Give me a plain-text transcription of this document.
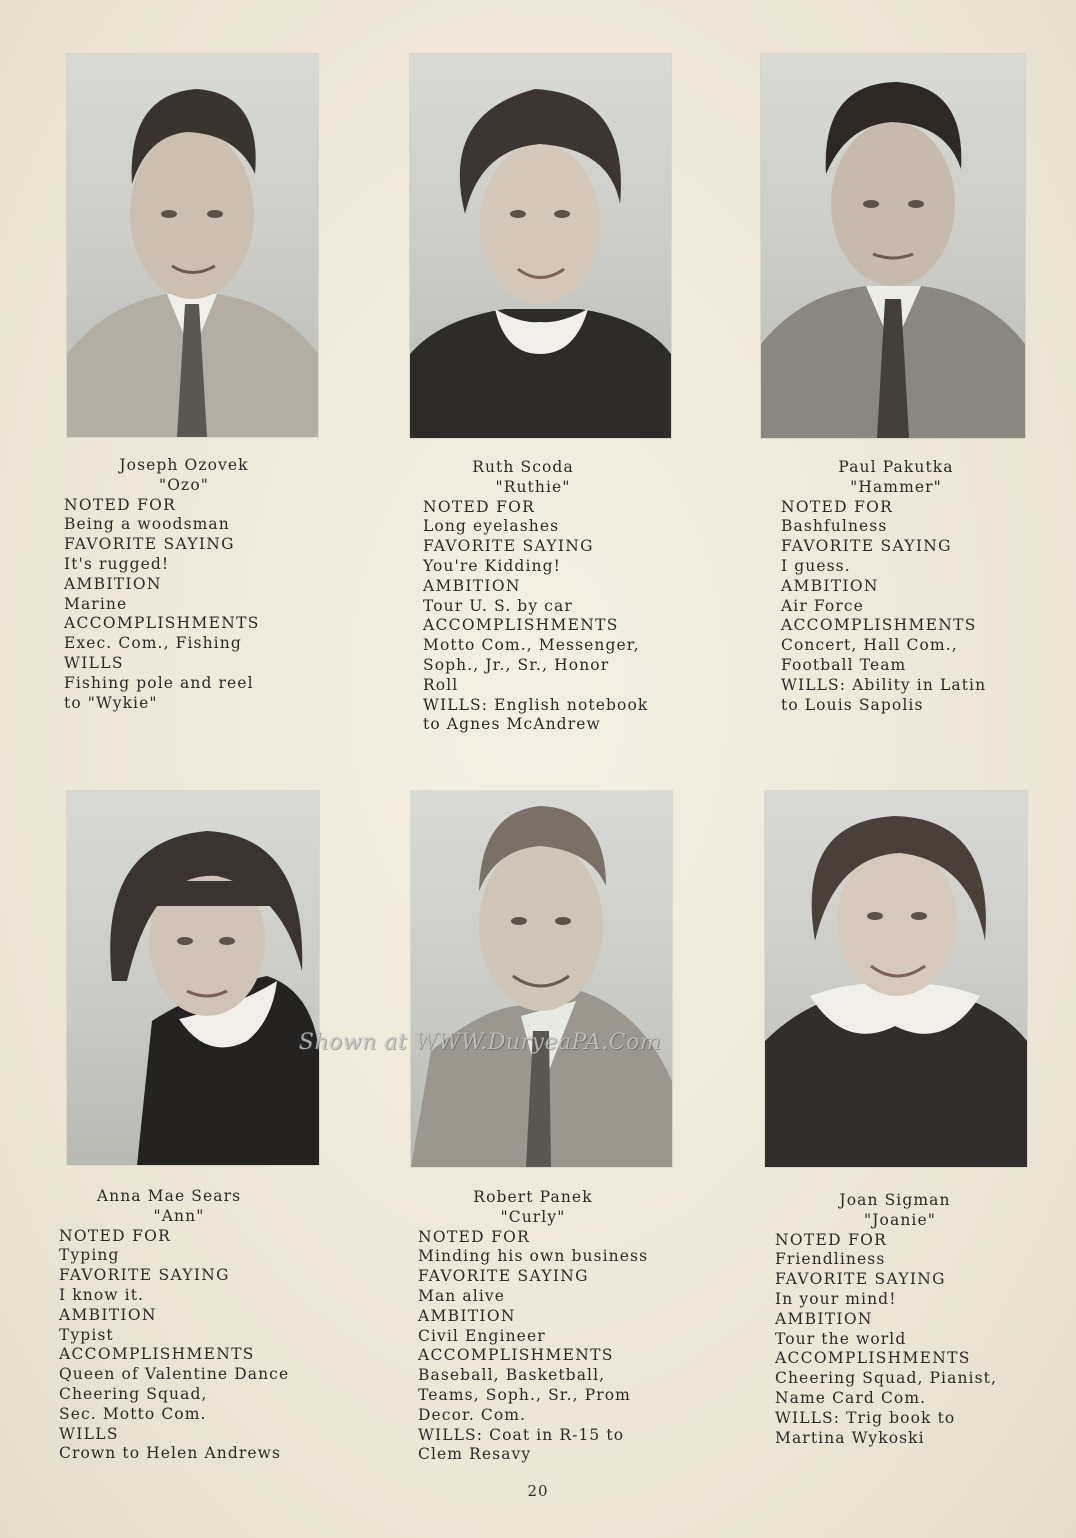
Joseph Ozovek
"Ozo"
NOTED FOR
Being a woodsman
FAVORITE SAYING
It's rugged!
AMBITION
Marine
ACCOMPLISHMENTS
Exec. Com., Fishing
WILLS
Fishing pole and reel
to "Wykie"
Ruth Scoda
"Ruthie"
NOTED FOR
Long eyelashes
FAVORITE SAYING
You're Kidding!
AMBITION
Tour U. S. by car
ACCOMPLISHMENTS
Motto Com., Messenger,
Soph., Jr., Sr., Honor
Roll
WILLS: English notebook
to Agnes McAndrew
Paul Pakutka
"Hammer"
NOTED FOR
Bashfulness
FAVORITE SAYING
I guess.
AMBITION
Air Force
ACCOMPLISHMENTS
Concert, Hall Com.,
Football Team
WILLS: Ability in Latin
to Louis Sapolis
Anna Mae Sears
"Ann"
NOTED FOR
Typing
FAVORITE SAYING
I know it.
AMBITION
Typist
ACCOMPLISHMENTS
Queen of Valentine Dance
Cheering Squad,
Sec. Motto Com.
WILLS
Crown to Helen Andrews
Robert Panek
"Curly"
NOTED FOR
Minding his own business
FAVORITE SAYING
Man alive
AMBITION
Civil Engineer
ACCOMPLISHMENTS
Baseball, Basketball,
Teams, Soph., Sr., Prom
Decor. Com.
WILLS: Coat in R-15 to
Clem Resavy
Joan Sigman
"Joanie"
NOTED FOR
Friendliness
FAVORITE SAYING
In your mind!
AMBITION
Tour the world
ACCOMPLISHMENTS
Cheering Squad, Pianist,
Name Card Com.
WILLS: Trig book to
Martina Wykoski
Shown at WWW.DuryeaPA.Com
20
